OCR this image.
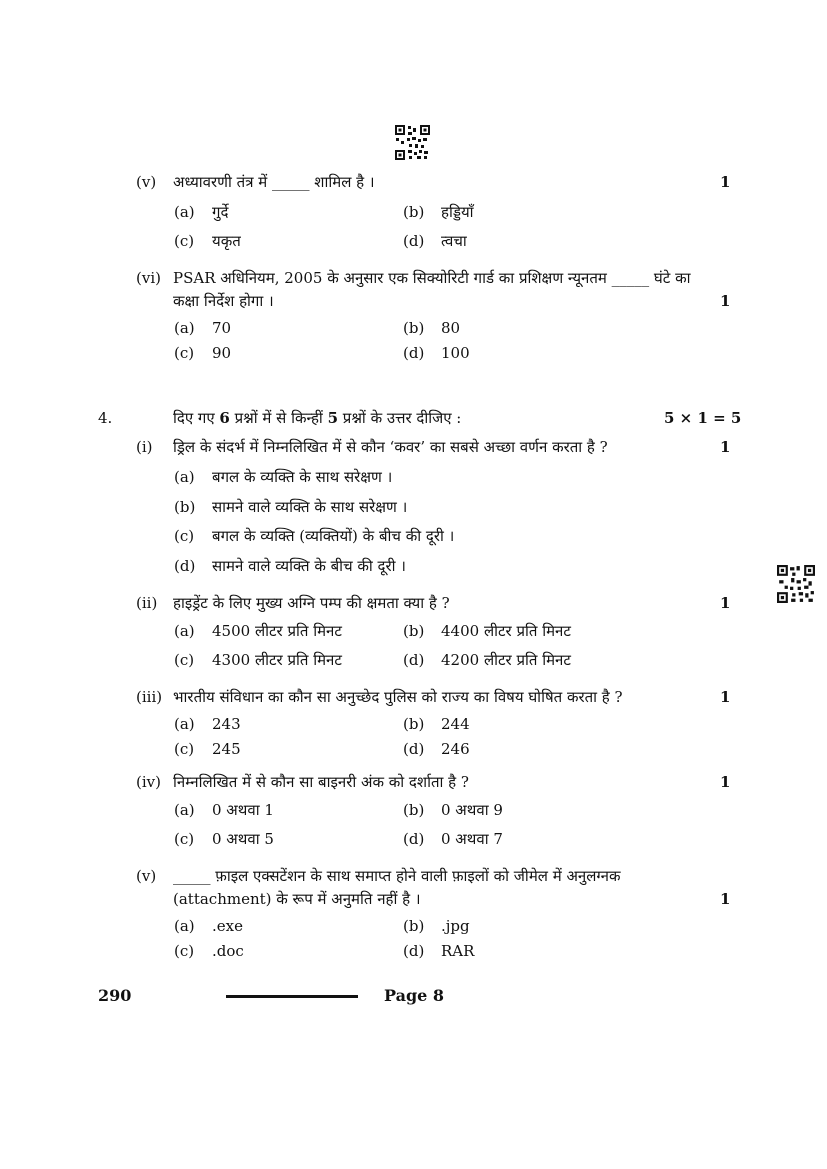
(v) अध्यावरणी तंत्र में _____ शामिल है ।	1
(a) गुर्दे	(b) हड्डियाँ
(c) यकृत	(d) त्वचा
(vi) PSAR अधिनियम, 2005 के अनुसार एक सिक्योरिटी गार्ड का प्रशिक्षण न्यूनतम _____ घंटे का
कक्षा निर्देश होगा ।	1
(a) 70	(b) 80
(c) 90	(d) 100
4.	दिए गए 6 प्रश्नों में से किन्हीं 5 प्रश्नों के उत्तर दीजिए :	5 × 1 = 5
(i) ड्रिल के संदर्भ में निम्नलिखित में से कौन ‘कवर’ का सबसे अच्छा वर्णन करता है ?	1
(a) बगल के व्यक्ति के साथ सरेक्षण ।
(b) सामने वाले व्यक्ति के साथ सरेक्षण ।
(c) बगल के व्यक्ति (व्यक्तियों) के बीच की दूरी ।
(d) सामने वाले व्यक्ति के बीच की दूरी ।
(ii) हाइड्रेंट के लिए मुख्य अग्नि पम्प की क्षमता क्या है ?	1
(a) 4500 लीटर प्रति मिनट	(b) 4400 लीटर प्रति मिनट
(c) 4300 लीटर प्रति मिनट	(d) 4200 लीटर प्रति मिनट
(iii) भारतीय संविधान का कौन सा अनुच्छेद पुलिस को राज्य का विषय घोषित करता है ?	1
(a) 243	(b) 244
(c) 245	(d) 246
(iv) निम्नलिखित में से कौन सा बाइनरी अंक को दर्शाता है ?	1
(a) 0 अथवा 1	(b) 0 अथवा 9
(c) 0 अथवा 5	(d) 0 अथवा 7
(v) _____ फ़ाइल एक्सटेंशन के साथ समाप्त होने वाली फ़ाइलों को जीमेल में अनुलग्नक
(attachment) के रूप में अनुमति नहीं है ।	1
(a) .exe	(b) .jpg
(c) .doc	(d) RAR
290	Page 8
